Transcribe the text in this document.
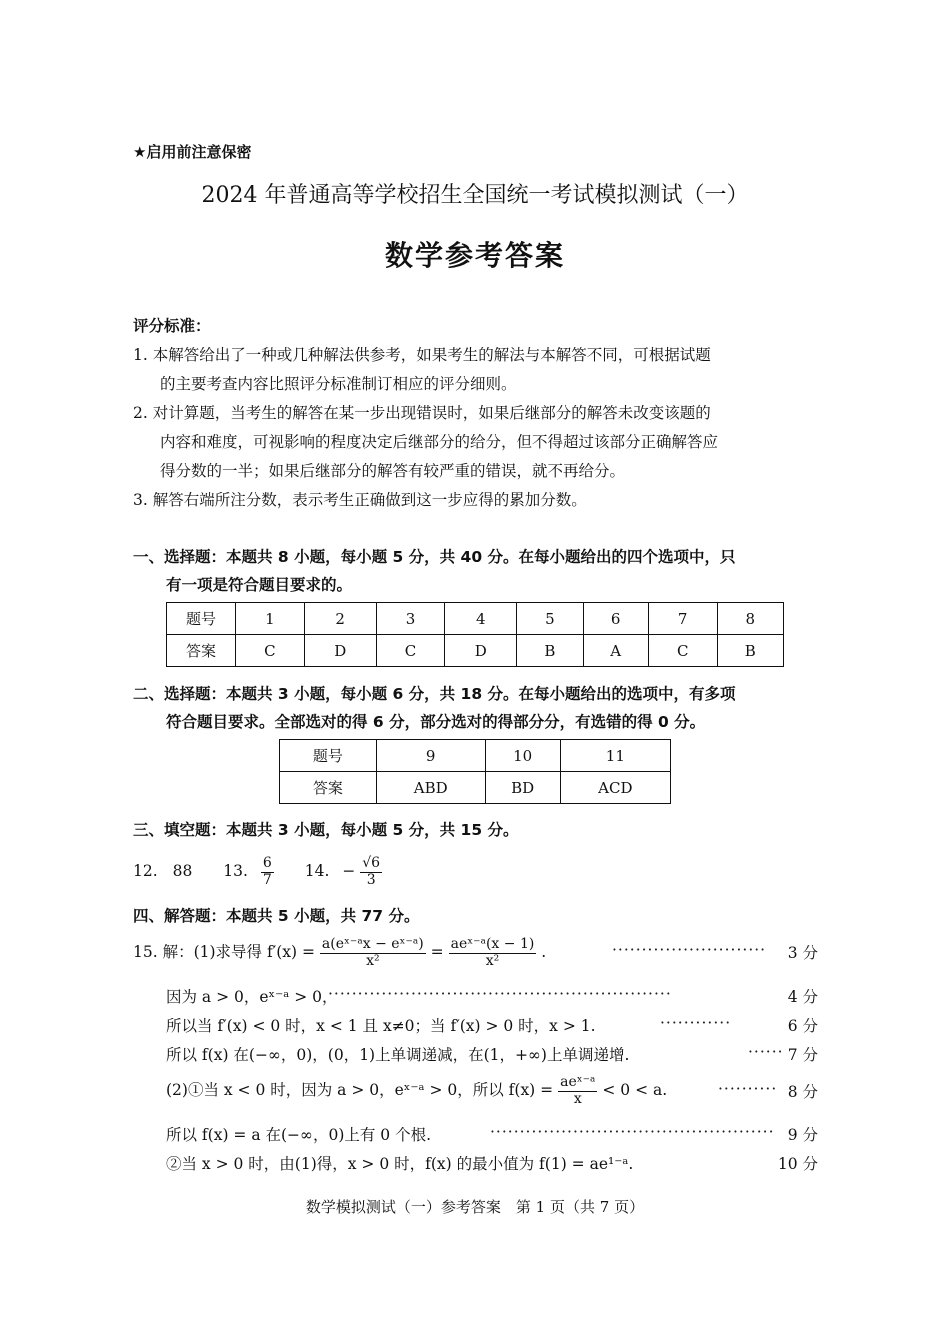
★启用前注意保密
2024 年普通高等学校招生全国统一考试模拟测试（一）
数学参考答案
评分标准：
1. 本解答给出了一种或几种解法供参考，如果考生的解法与本解答不同，可根据试题
的主要考查内容比照评分标准制订相应的评分细则。
2. 对计算题，当考生的解答在某一步出现错误时，如果后继部分的解答未改变该题的
内容和难度，可视影响的程度决定后继部分的给分，但不得超过该部分正确解答应
得分数的一半；如果后继部分的解答有较严重的错误，就不再给分。
3. 解答右端所注分数，表示考生正确做到这一步应得的累加分数。
一、选择题：本题共 8 小题，每小题 5 分，共 40 分。在每小题给出的四个选项中，只
有一项是符合题目要求的。
题号	1	2	3	4	5	6	7	8
答案	C	D	C	D	B	A	C	B
二、选择题：本题共 3 小题，每小题 6 分，共 18 分。在每小题给出的选项中，有多项
符合题目要求。全部选对的得 6 分，部分选对的得部分分，有选错的得 0 分。
题号	9	10	11
答案	ABD	BD	ACD
三、填空题：本题共 3 小题，每小题 5 分，共 15 分。
12. 88 13. $\frac{6}{7} 14$. − $\frac{√6}{3}$
四、解答题：本题共 5 小题，共 77 分。
15. 解：(1)求导得 $f'(x) = \frac{\text{a(eˣ⁻ᵃx − eˣ⁻ᵃ)}}{\text{x²}} = \frac{\text{aeˣ⁻ᵃ(x − 1)}}{\text{x²}}$ .	·························· 3 分
因为 a > 0，eˣ⁻ᵃ > 0，
··························································	4 分
所以当 f′(x) < 0 时，x < 1 且 x≠0；当 f′(x) > 0 时，x > 1.	············	6 分
所以 f(x) 在(−∞，0)，(0，1)上单调递减，在(1，+∞)上单调递增.	······ 7 分
(2)①当 x < 0 时，因为 a > 0，eˣ⁻ᵃ > 0，所以 $f(x) = \frac{\text{aeˣ⁻ᵃ}}{x} < 0 < a$.	·········· 8 分
所以 f(x) = a 在(−∞，0)上有 0 个根.	················································ 9 分
②当 x > 0 时，由(1)得，x > 0 时，f(x) 的最小值为 f(1) = ae¹⁻ᵃ.	10 分
数学模拟测试（一）参考答案　第 1 页（共 7 页）
